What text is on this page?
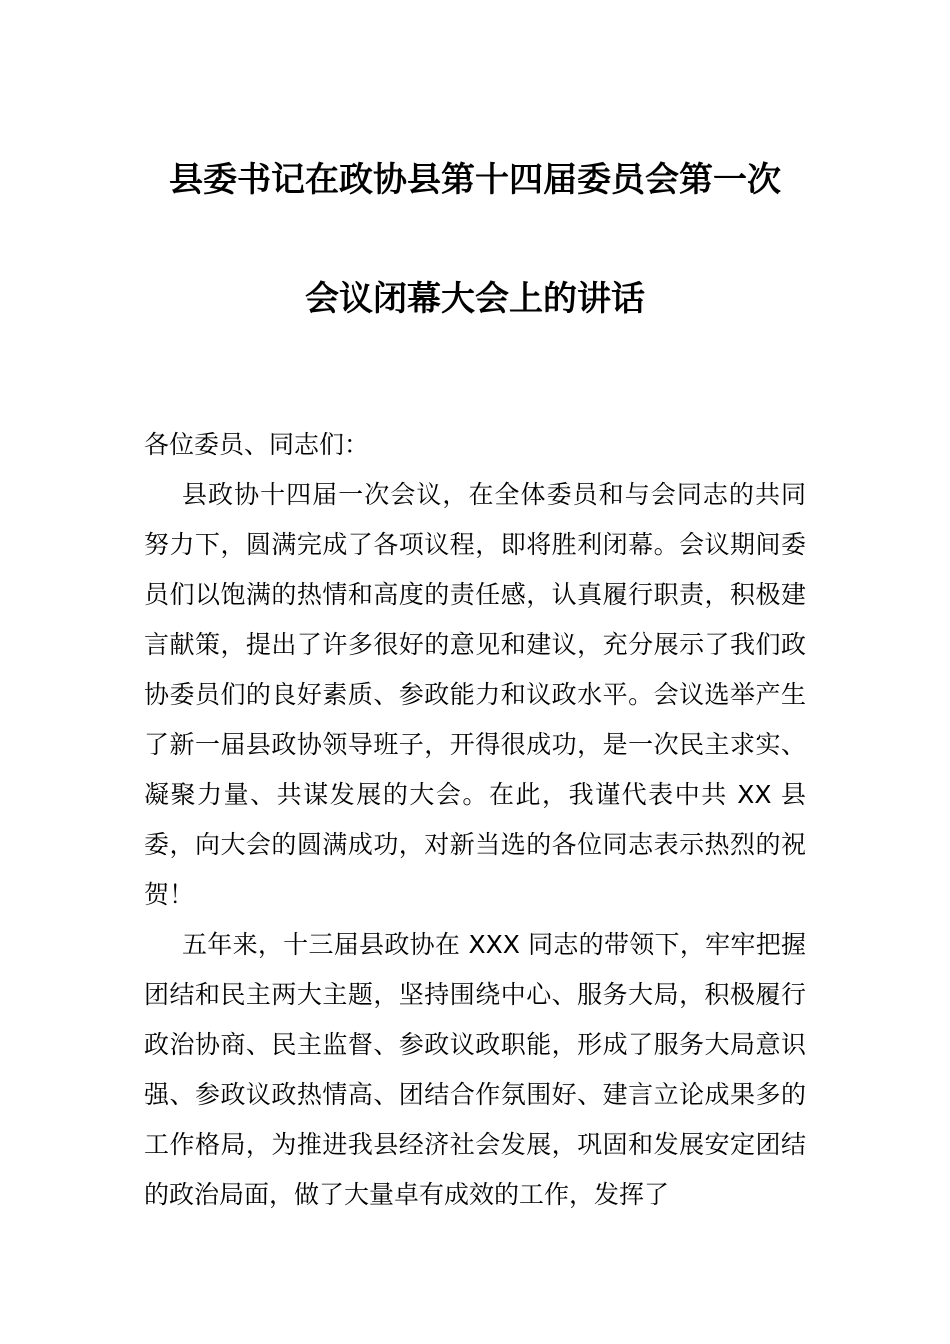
县委书记在政协县第十四届委员会第一次
会议闭幕大会上的讲话

各位委员、同志们：

县政协十四届一次会议，在全体委员和与会同志的共同努力下，圆满完成了各项议程，即将胜利闭幕。会议期间委员们以饱满的热情和高度的责任感，认真履行职责，积极建言献策，提出了许多很好的意见和建议，充分展示了我们政协委员们的良好素质、参政能力和议政水平。会议选举产生了新一届县政协领导班子，开得很成功，是一次民主求实、凝聚力量、共谋发展的大会。在此，我谨代表中共 XX 县委，向大会的圆满成功，对新当选的各位同志表示热烈的祝贺！

五年来，十三届县政协在 XXX 同志的带领下，牢牢把握团结和民主两大主题，坚持围绕中心、服务大局，积极履行政治协商、民主监督、参政议政职能，形成了服务大局意识强、参政议政热情高、团结合作氛围好、建言立论成果多的工作格局，为推进我县经济社会发展，巩固和发展安定团结的政治局面，做了大量卓有成效的工作，发挥了
